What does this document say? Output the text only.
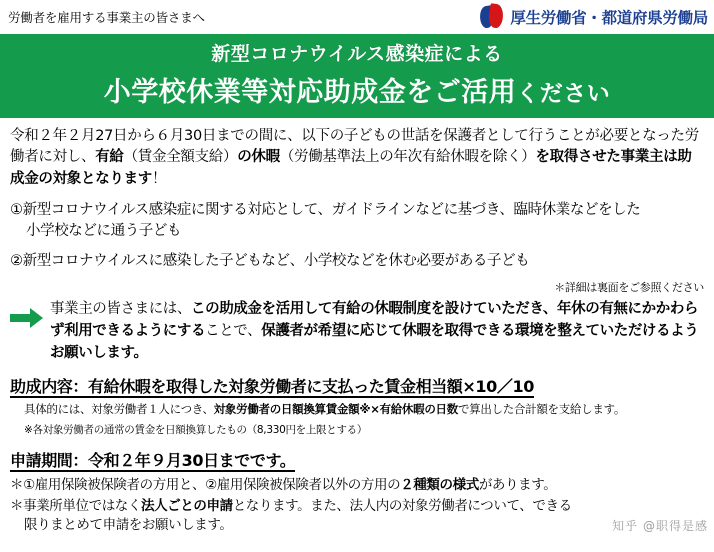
労働者を雇用する事業主の皆さまへ	厚生労働省・都道府県労働局
新型コロナウイルス感染症による
小学校休業等対応助成金をご活用ください
令和２年２月27日から６月30日までの間に、以下の子どもの世話を保護者として行うことが必要となった労働者に対し、有給（賃金全額支給）の休暇（労働基準法上の年次有給休暇を除く）を取得させた事業主は助成金の対象となります！
①新型コロナウイルス感染症に関する対応として、ガイドラインなどに基づき、臨時休業などをした
小学校などに通う子ども
②新型コロナウイルスに感染した子どもなど、小学校などを休む必要がある子ども
＊詳細は裏面をご参照ください
事業主の皆さまには、この助成金を活用して有給の休暇制度を設けていただき、年休の有無にかかわらず利用できるようにすることで、保護者が希望に応じて休暇を取得できる環境を整えていただけるようお願いします。
助成内容：有給休暇を取得した対象労働者に支払った賃金相当額×10／10
具体的には、対象労働者１人につき、対象労働者の日額換算賃金額※×有給休暇の日数で算出した合計額を支給します。
※各対象労働者の通常の賃金を日額換算したもの（8,330円を上限とする）
申請期間：令和２年９月30日までです。
＊①雇用保険被保険者の方用と、②雇用保険被保険者以外の方用の２種類の様式があります。
＊事業所単位ではなく法人ごとの申請となります。また、法人内の対象労働者について、できる
限りまとめて申請をお願いします。	知乎 @职得是感
